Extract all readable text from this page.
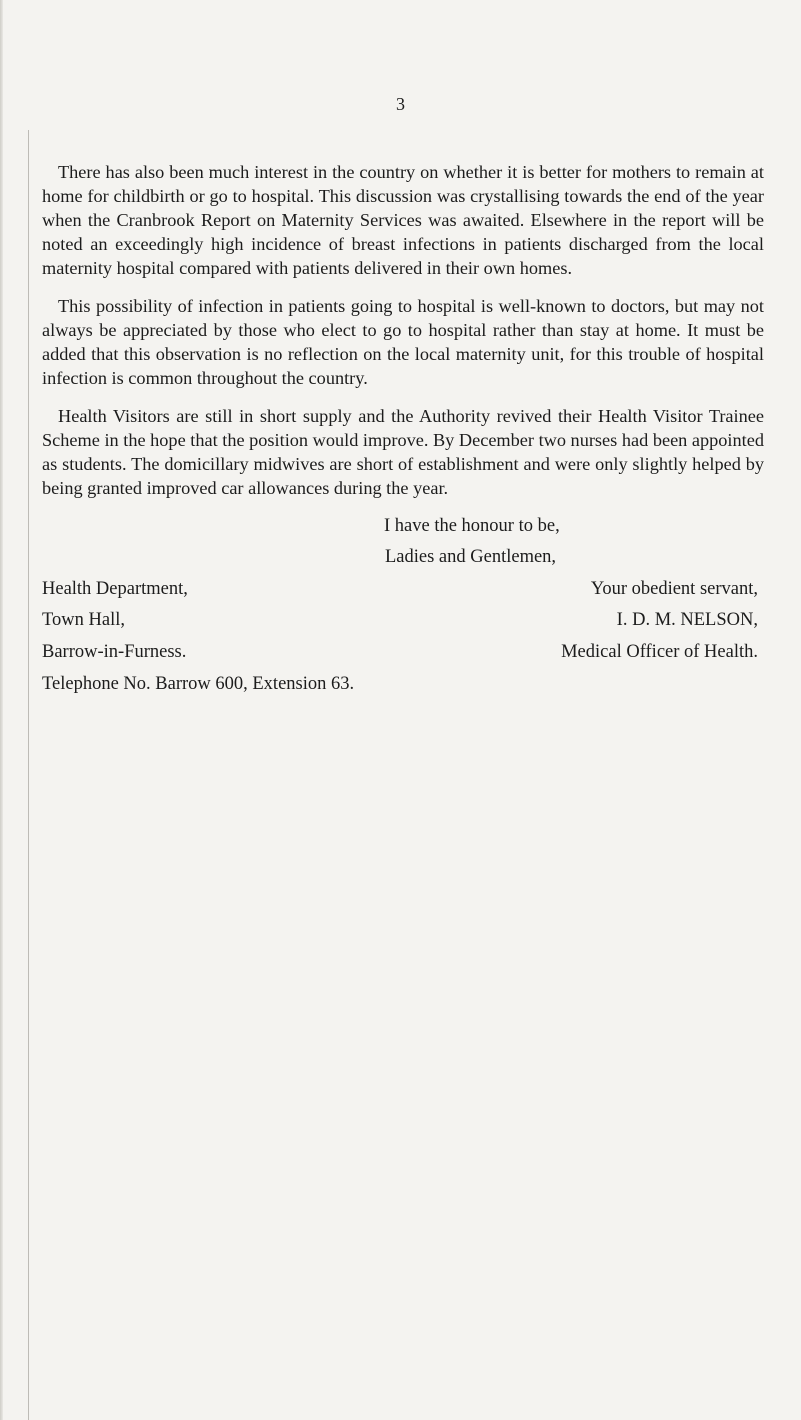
3

There has also been much interest in the country on whether it is better for mothers to remain at home for childbirth or go to hospital. This discussion was crystallising towards the end of the year when the Cranbrook Report on Maternity Services was awaited. Elsewhere in the report will be noted an exceedingly high incidence of breast infections in patients discharged from the local maternity hospital compared with patients delivered in their own homes.

This possibility of infection in patients going to hospital is well-known to doctors, but may not always be appreciated by those who elect to go to hospital rather than stay at home. It must be added that this observation is no reflection on the local maternity unit, for this trouble of hospital infection is common throughout the country.

Health Visitors are still in short supply and the Authority revived their Health Visitor Trainee Scheme in the hope that the position would improve. By December two nurses had been appointed as students. The domicillary midwives are short of establishment and were only slightly helped by being granted improved car allowances during the year.

I have the honour to be,
Ladies and Gentlemen,
Health Department,
Town Hall,
Barrow-in-Furness.
Your obedient servant,
I. D. M. NELSON,
Medical Officer of Health.
Telephone No. Barrow 600, Extension 63.
